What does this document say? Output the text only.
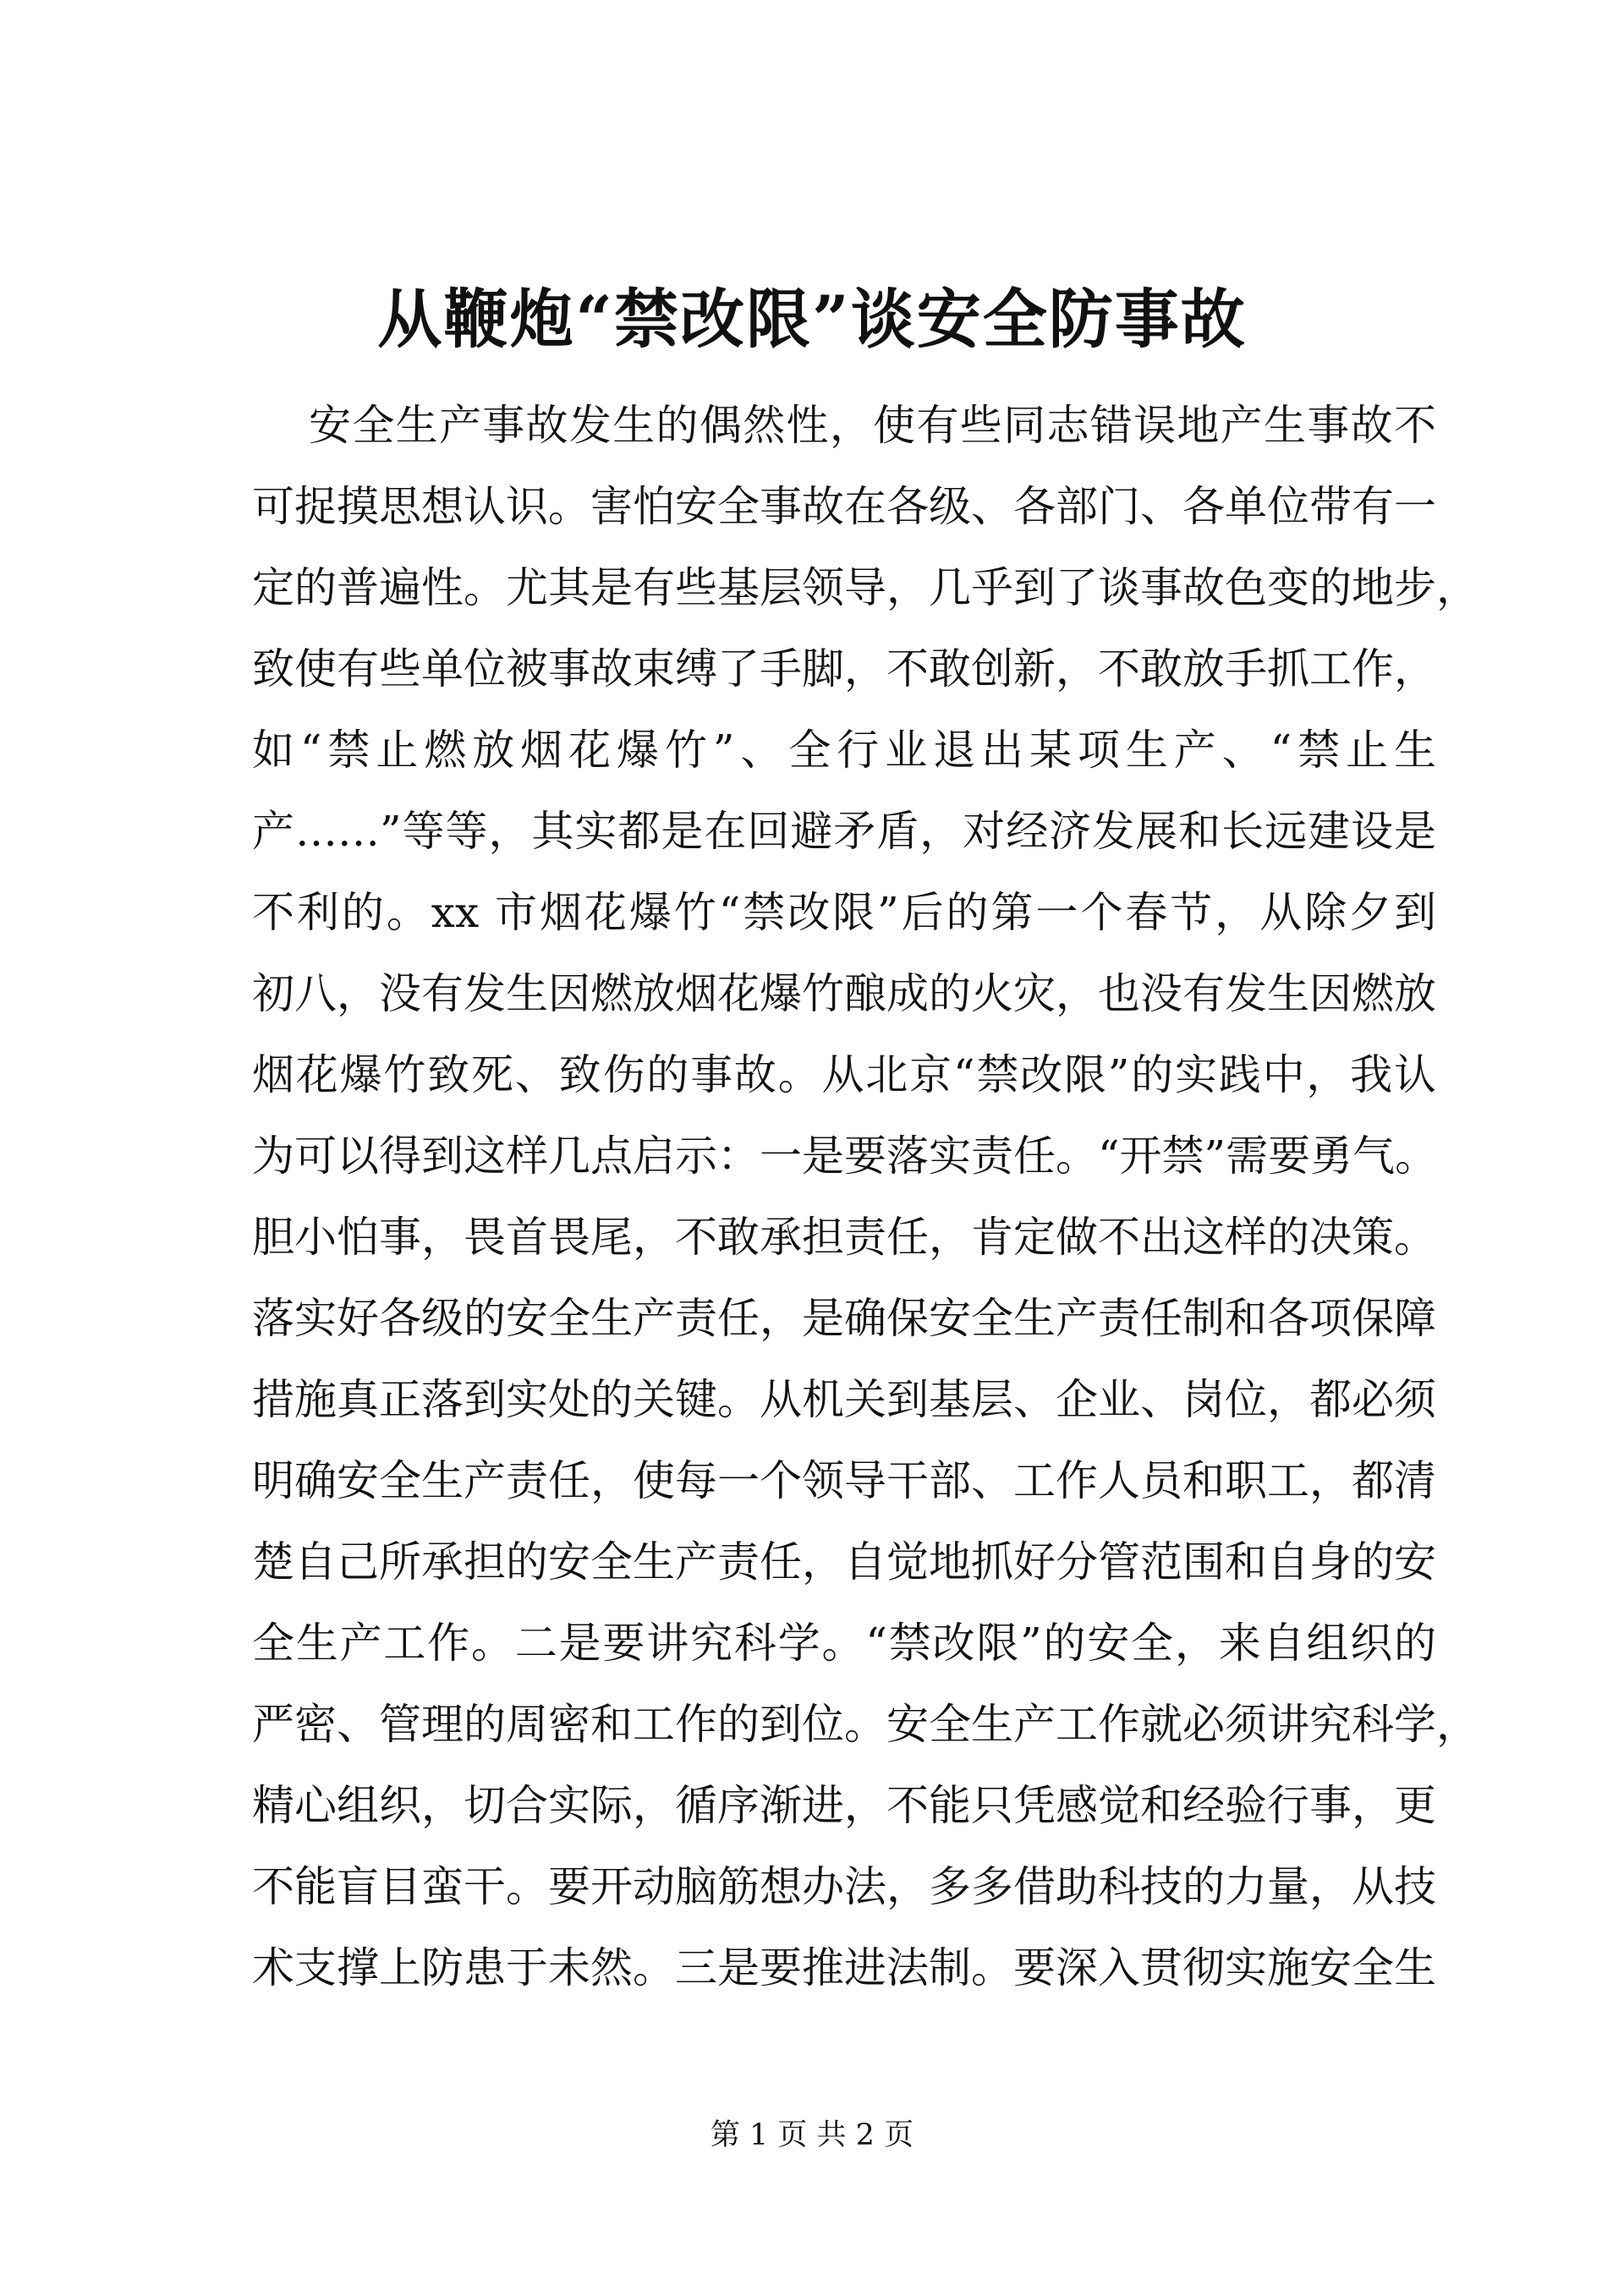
从鞭炮“禁改限”谈安全防事故
安全生产事故发生的偶然性，使有些同志错误地产生事故不
可捉摸思想认识。害怕安全事故在各级、各部门、各单位带有一
定的普遍性。尤其是有些基层领导，几乎到了谈事故色变的地步，
致使有些单位被事故束缚了手脚，不敢创新，不敢放手抓工作，
如“禁止燃放烟花爆竹”、全行业退出某项生产、“禁止生
产……”等等，其实都是在回避矛盾，对经济发展和长远建设是
不利的。xx 市烟花爆竹“禁改限”后的第一个春节，从除夕到
初八，没有发生因燃放烟花爆竹酿成的火灾，也没有发生因燃放
烟花爆竹致死、致伤的事故。从北京“禁改限”的实践中，我认
为可以得到这样几点启示：一是要落实责任。“开禁”需要勇气。
胆小怕事，畏首畏尾，不敢承担责任，肯定做不出这样的决策。
落实好各级的安全生产责任，是确保安全生产责任制和各项保障
措施真正落到实处的关键。从机关到基层、企业、岗位，都必须
明确安全生产责任，使每一个领导干部、工作人员和职工，都清
楚自己所承担的安全生产责任，自觉地抓好分管范围和自身的安
全生产工作。二是要讲究科学。“禁改限”的安全，来自组织的
严密、管理的周密和工作的到位。安全生产工作就必须讲究科学，
精心组织，切合实际，循序渐进，不能只凭感觉和经验行事，更
不能盲目蛮干。要开动脑筋想办法，多多借助科技的力量，从技
术支撑上防患于未然。三是要推进法制。要深入贯彻实施安全生
第 1 页 共 2 页
